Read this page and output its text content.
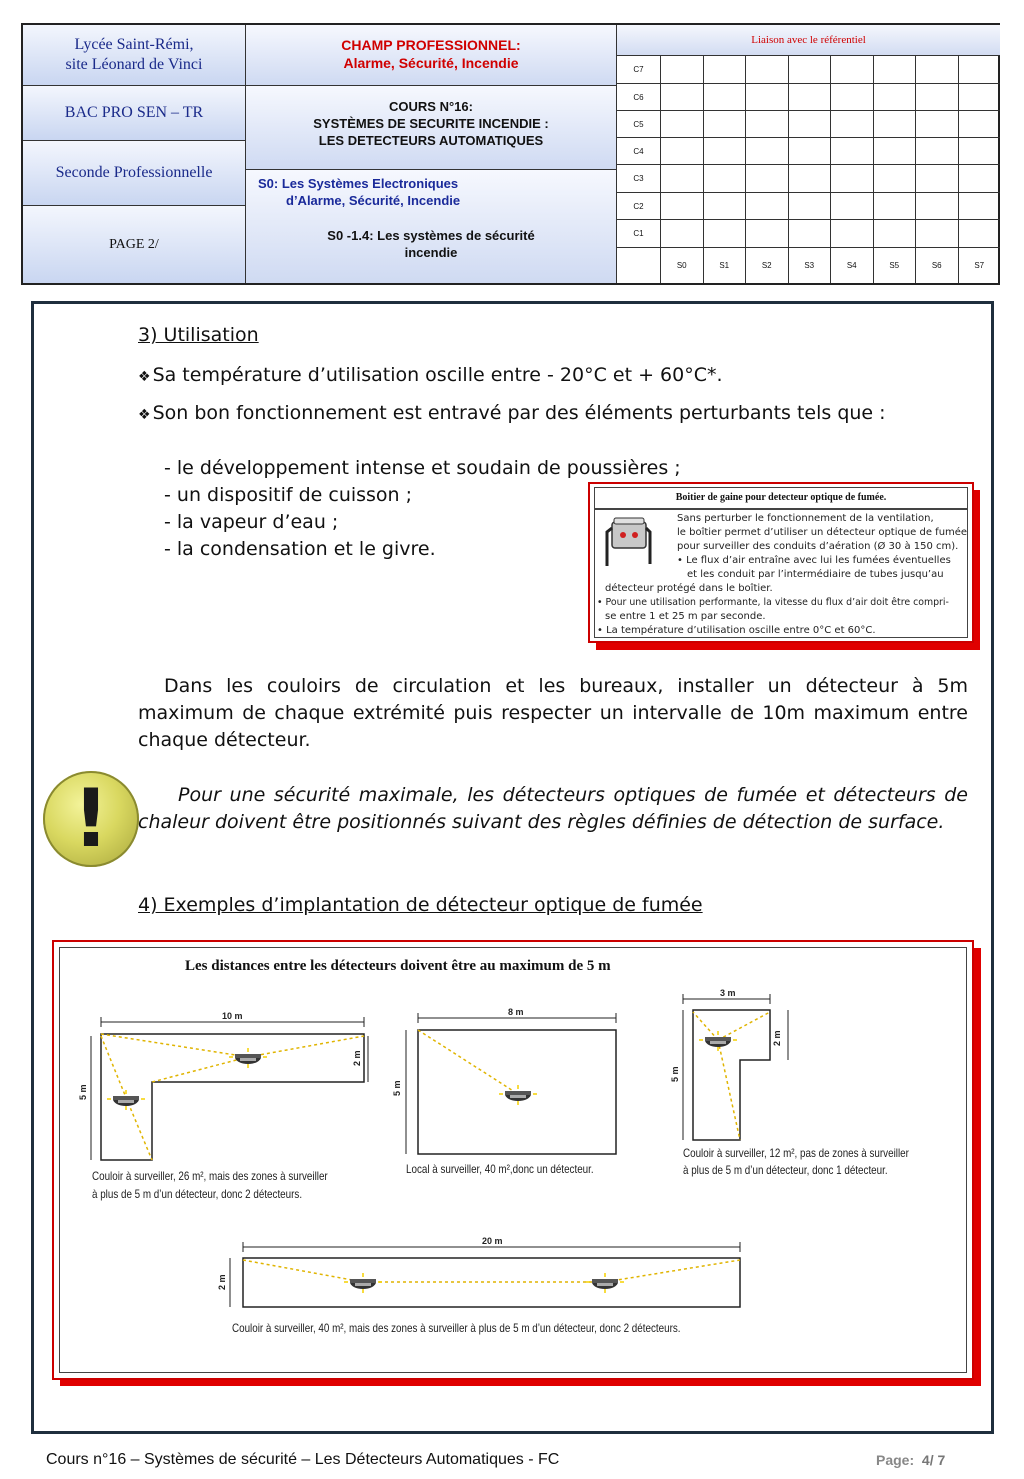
Lycée Saint-Rémi,
site Léonard de Vinci
BAC PRO SEN – TR
Seconde Professionnelle
PAGE 2/
CHAMP PROFESSIONNEL:
Alarme, Sécurité, Incendie
COURS N°16:
SYSTÈMES DE SECURITE INCENDIE :
LES DETECTEURS AUTOMATIQUES
S0: Les Systèmes Electroniques
d’Alarme, Sécurité, Incendie
S0 -1.4: Les systèmes de sécurité
incendie
Liaison avec le référentiel
C7
C6
C5
C4
C3
C2
C1
S0	S1	S2	S3	S4	S5	S6	S7
3) Utilisation
❖ Sa température d’utilisation oscille entre - 20°C et + 60°C*.
❖ Son bon fonctionnement est entravé par des éléments perturbants tels que :
- le développement intense et soudain de poussières ;
- un dispositif de cuisson ;
- la vapeur d’eau ;
- la condensation et le givre.
Boitier de gaine pour detecteur optique de fumée.
Sans perturber le fonctionnement de la ventilation,
le boîtier permet d’utiliser un détecteur optique de fumée
pour surveiller des conduits d’aération (Ø 30 à 150 cm).
• Le flux d’air entraîne avec lui les fumées éventuelles
et les conduit par l’intermédiaire de tubes jusqu’au
détecteur protégé dans le boîtier.
• Pour une utilisation performante, la vitesse du flux d’air doit être compri-
se entre 1 et 25 m par seconde.
• La température d’utilisation oscille entre 0°C et 60°C.
Dans les couloirs de circulation et les bureaux, installer un détecteur à 5m maximum de chaque extrémité puis respecter un intervalle de 10m maximum entre chaque détecteur.
!	Pour une sécurité maximale, les détecteurs optiques de fumée et détecteurs de chaleur doivent être positionnés suivant des règles définies de détection de surface.
4) Exemples d’implantation de détecteur optique de fumée
Les distances entre les détecteurs doivent être au maximum de 5 m
10 m
5 m
2 m
8 m
5 m
3 m
5 m
2 m
20 m
2 m
Couloir à surveiller, 26 m², mais des zones à surveiller
à plus de 5 m d’un détecteur, donc 2 détecteurs.
Local à surveiller, 40 m²,donc un détecteur.
Couloir à surveiller, 12 m², pas de zones à surveiller
à plus de 5 m d’un détecteur, donc 1 détecteur.
Couloir à surveiller, 40 m², mais des zones à surveiller à plus de 5 m d’un détecteur, donc 2 détecteurs.
Cours n°16 – Systèmes de sécurité – Les Détecteurs Automatiques - FC	Page: 4/ 7
